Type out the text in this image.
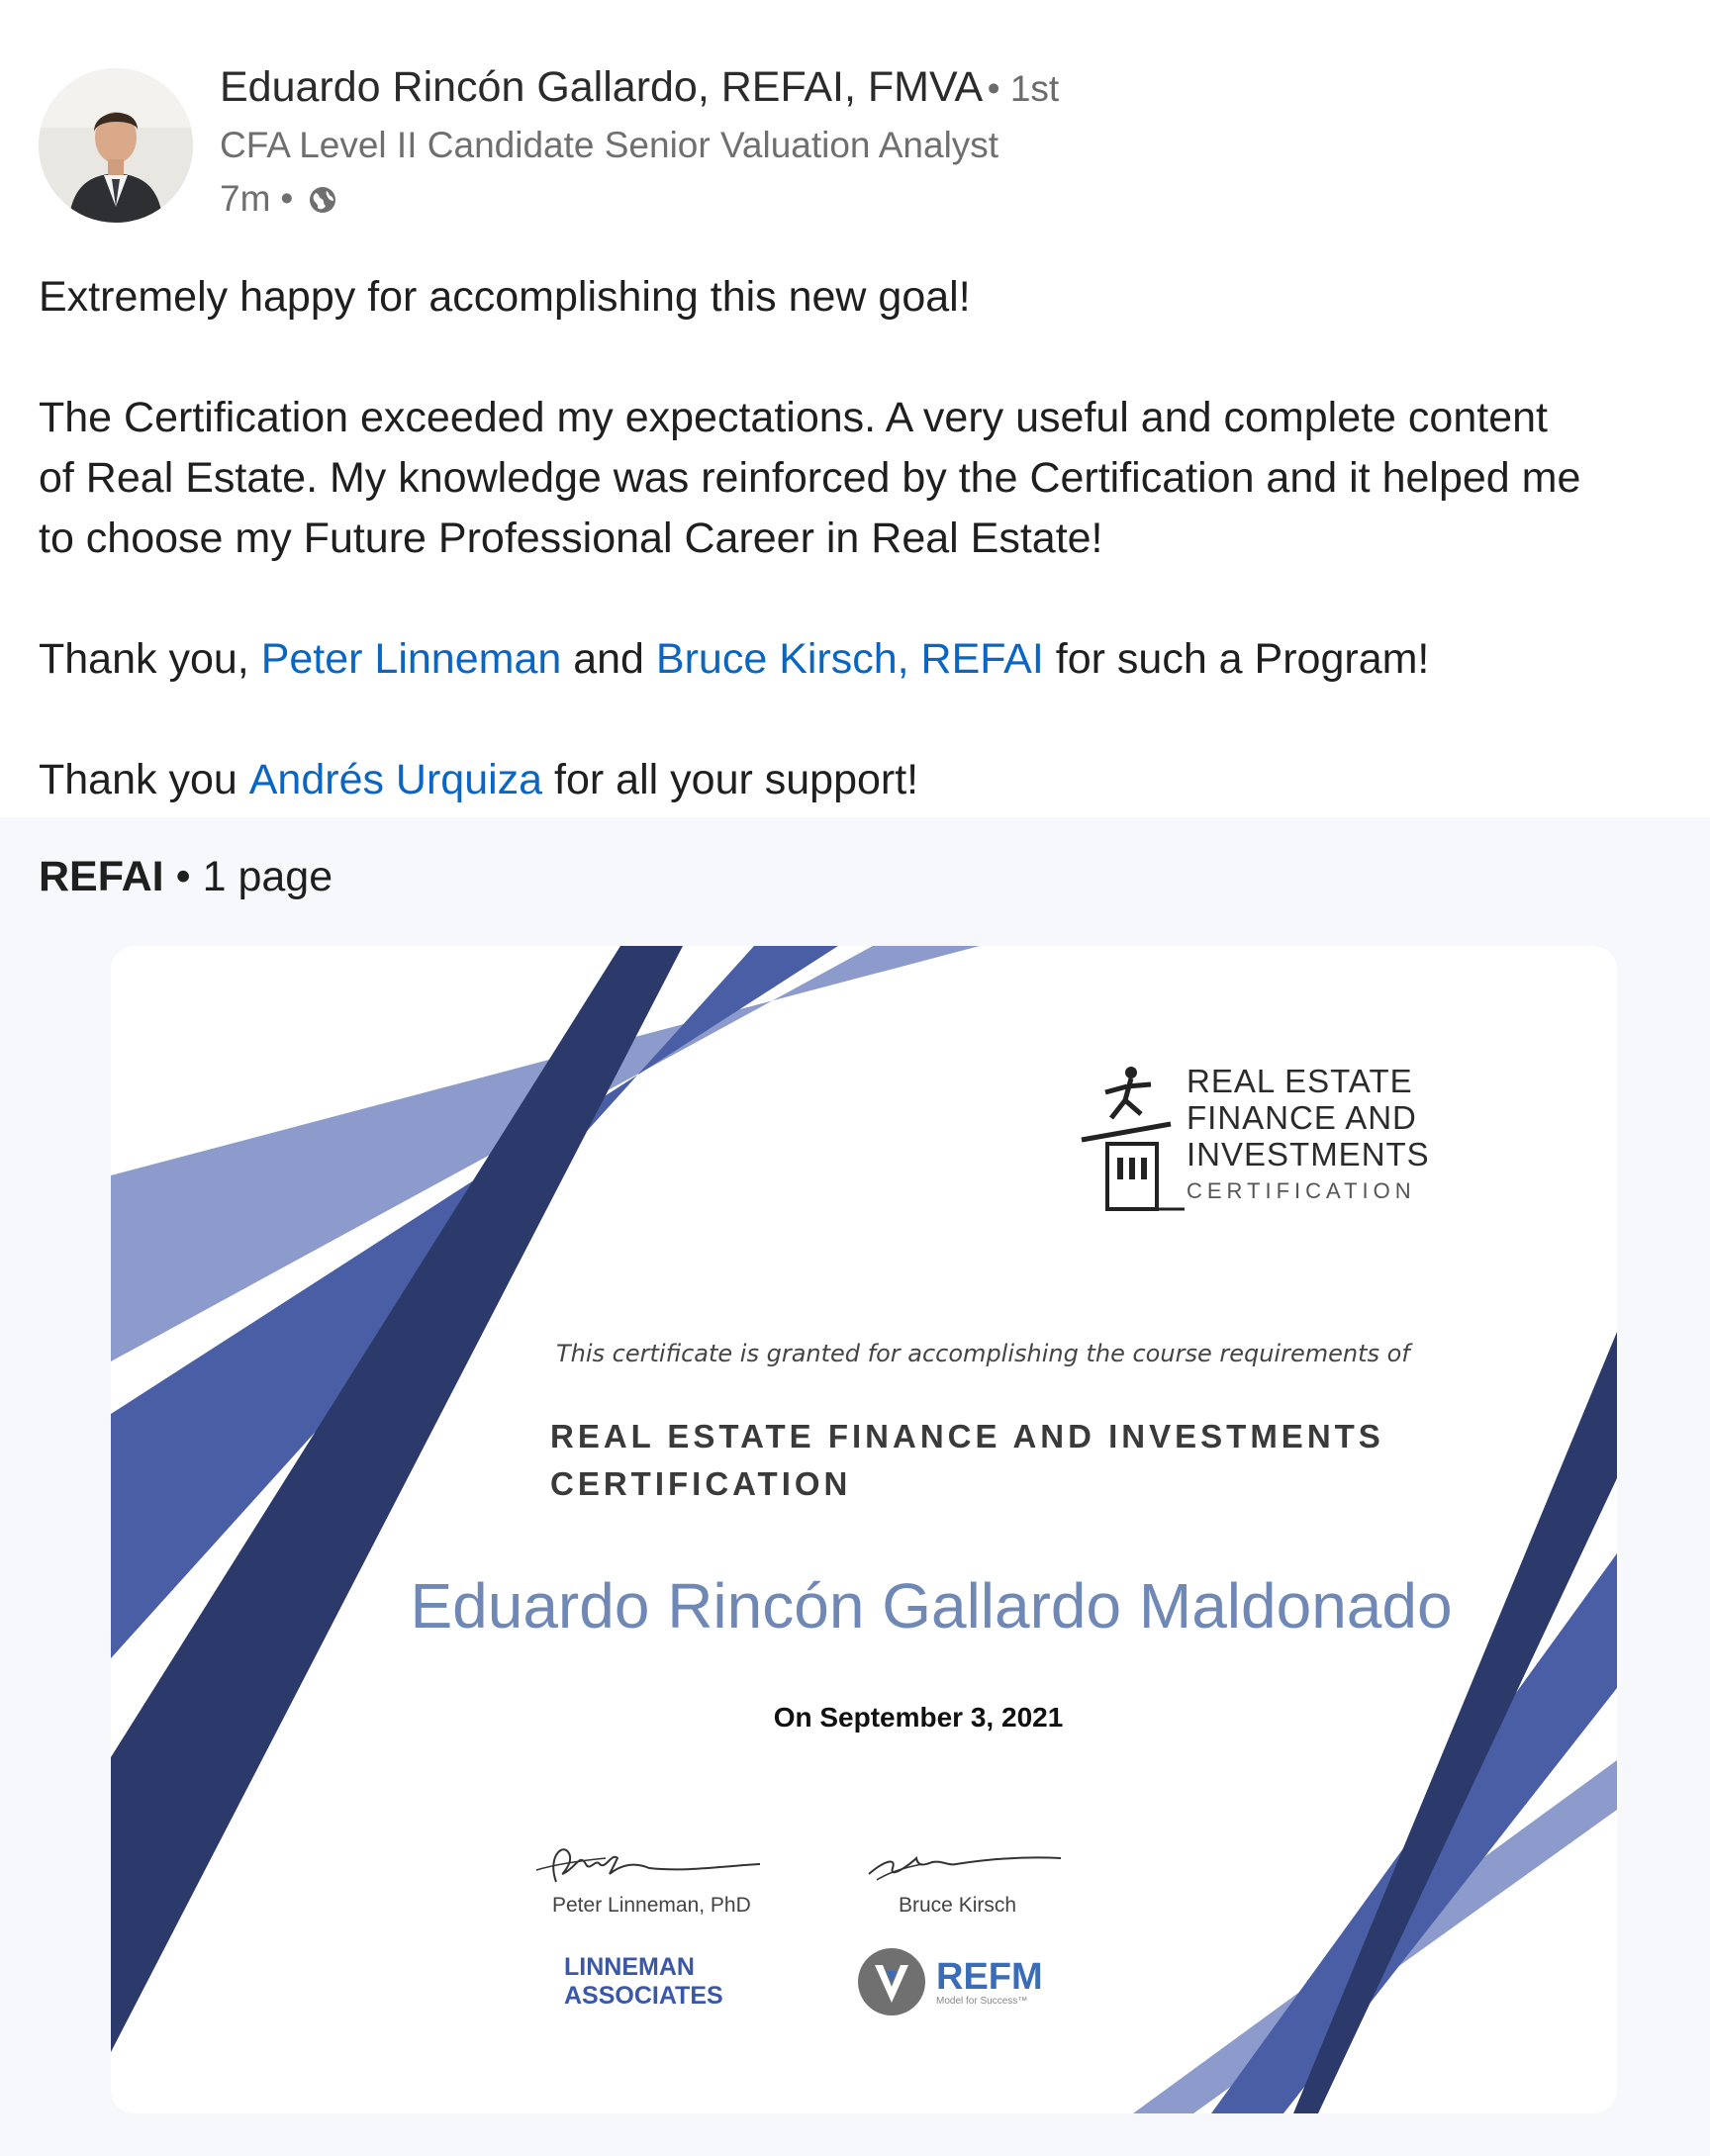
Eduardo Rincón Gallardo, REFAI, FMVA • 1st
CFA Level II Candidate Senior Valuation Analyst
7m •

Extremely happy for accomplishing this new goal!

The Certification exceeded my expectations. A very useful and complete content

of Real Estate. My knowledge was reinforced by the Certification and it helped me

to choose my Future Professional Career in Real Estate!

Thank you, Peter Linneman and Bruce Kirsch, REFAI for such a Program!

Thank you Andrés Urquiza for all your support!

REFAI • 1 page
REAL ESTATE
FINANCE AND
INVESTMENTS
CERTIFICATION
This certificate is granted for accomplishing the course requirements of
REAL ESTATE FINANCE AND INVESTMENTS
CERTIFICATION
Eduardo Rincón Gallardo Maldonado
On September 3, 2021
Peter Linneman, PhD	Bruce Kirsch
LINNEMAN
ASSOCIATES	REFM
Model for Success™
